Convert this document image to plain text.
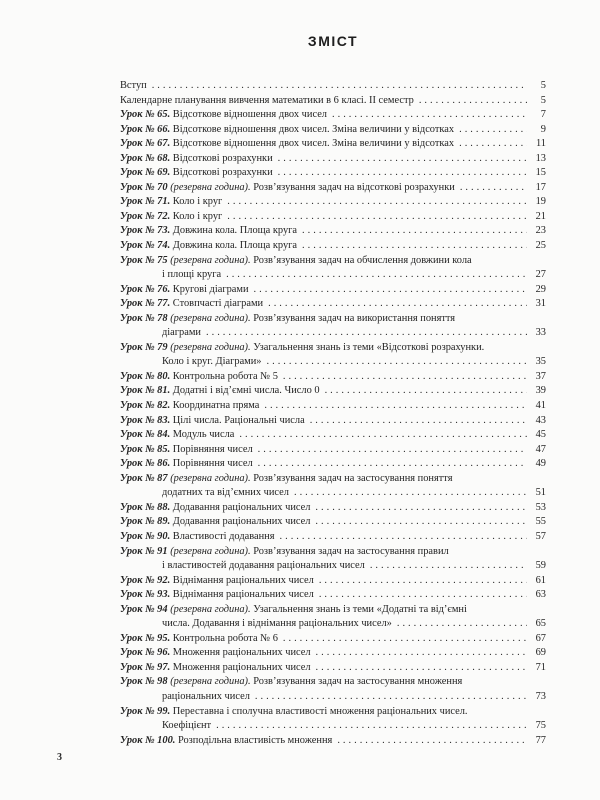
ЗМІСТ
Вступ .....	5
Календарне планування вивчення математики в 6 класі. ІІ семестр .....	5
Урок № 65. Відсоткове відношення двох чисел .....	7
Урок № 66. Відсоткове відношення двох чисел. Зміна величини у відсотках .....	9
Урок № 67. Відсоткове відношення двох чисел. Зміна величини у відсотках .....	11
Урок № 68. Відсоткові розрахунки .....	13
Урок № 69. Відсоткові розрахунки .....	15
Урок № 70 (резервна година). Розв’язування задач на відсоткові розрахунки .....	17
Урок № 71. Коло і круг .....	19
Урок № 72. Коло і круг .....	21
Урок № 73. Довжина кола. Площа круга .....	23
Урок № 74. Довжина кола. Площа круга .....	25
Урок № 75 (резервна година). Розв’язування задач на обчислення довжини кола
і площі круга .....	27
Урок № 76. Кругові діаграми .....	29
Урок № 77. Стовпчасті діаграми .....	31
Урок № 78 (резервна година). Розв’язування задач на використання поняття
діаграми .....	33
Урок № 79 (резервна година). Узагальнення знань із теми «Відсоткові розрахунки.
Коло і круг. Діаграми» .....	35
Урок № 80. Контрольна робота № 5 .....	37
Урок № 81. Додатні і від’ємні числа. Число 0 .....	39
Урок № 82. Координатна пряма .....	41
Урок № 83. Цілі числа. Раціональні числа .....	43
Урок № 84. Модуль числа .....	45
Урок № 85. Порівняння чисел .....	47
Урок № 86. Порівняння чисел .....	49
Урок № 87 (резервна година). Розв’язування задач на застосування поняття
додатних та від’ємних чисел .....	51
Урок № 88. Додавання раціональних чисел .....	53
Урок № 89. Додавання раціональних чисел .....	55
Урок № 90. Властивості додавання .....	57
Урок № 91 (резервна година). Розв’язування задач на застосування правил
і властивостей додавання раціональних чисел .....	59
Урок № 92. Віднімання раціональних чисел .....	61
Урок № 93. Віднімання раціональних чисел .....	63
Урок № 94 (резервна година). Узагальнення знань із теми «Додатні та від’ємні
числа. Додавання і віднімання раціональних чисел» .....	65
Урок № 95. Контрольна робота № 6 .....	67
Урок № 96. Множення раціональних чисел .....	69
Урок № 97. Множення раціональних чисел .....	71
Урок № 98 (резервна година). Розв’язування задач на застосування множення
раціональних чисел .....	73
Урок № 99. Переставна і сполучна властивості множення раціональних чисел.
Коефіцієнт .....	75
Урок № 100. Розподільна властивість множення .....	77
3
